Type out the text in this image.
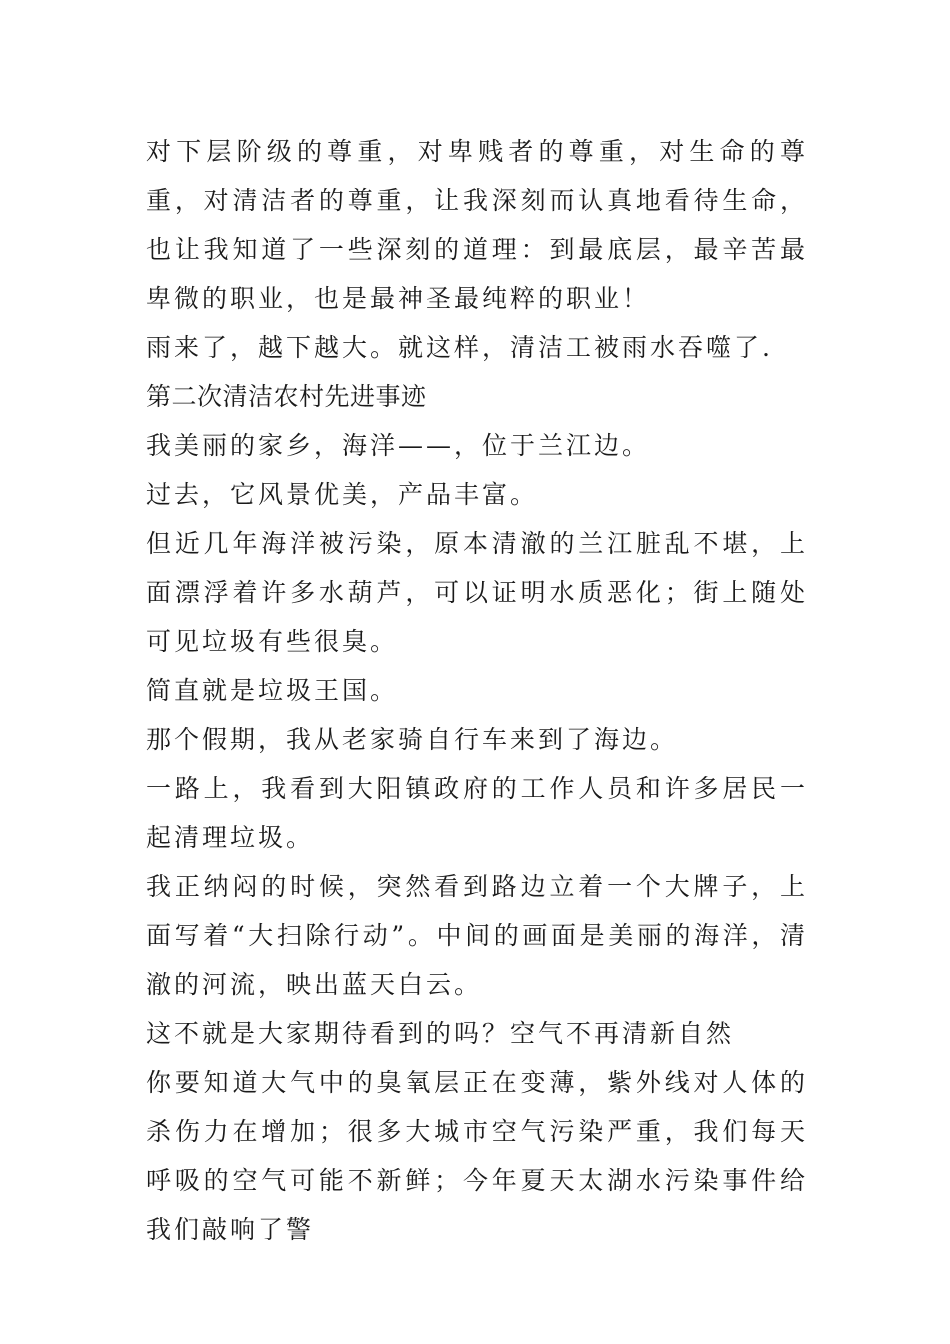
对下层阶级的尊重，对卑贱者的尊重，对生命的尊重，对清洁者的尊重，让我深刻而认真地看待生命，也让我知道了一些深刻的道理：到最底层，最辛苦最卑微的职业，也是最神圣最纯粹的职业！

雨来了，越下越大。就这样，清洁工被雨水吞噬了.

第二次清洁农村先进事迹

我美丽的家乡，海洋——，位于兰江边。

过去，它风景优美，产品丰富。

但近几年海洋被污染，原本清澈的兰江脏乱不堪，上面漂浮着许多水葫芦，可以证明水质恶化；街上随处可见垃圾有些很臭。

简直就是垃圾王国。

那个假期，我从老家骑自行车来到了海边。

一路上，我看到大阳镇政府的工作人员和许多居民一起清理垃圾。

我正纳闷的时候，突然看到路边立着一个大牌子，上面写着“大扫除行动”。中间的画面是美丽的海洋，清澈的河流，映出蓝天白云。

这不就是大家期待看到的吗？空气不再清新自然

你要知道大气中的臭氧层正在变薄，紫外线对人体的杀伤力在增加；很多大城市空气污染严重，我们每天呼吸的空气可能不新鲜；今年夏天太湖水污染事件给我们敲响了警
